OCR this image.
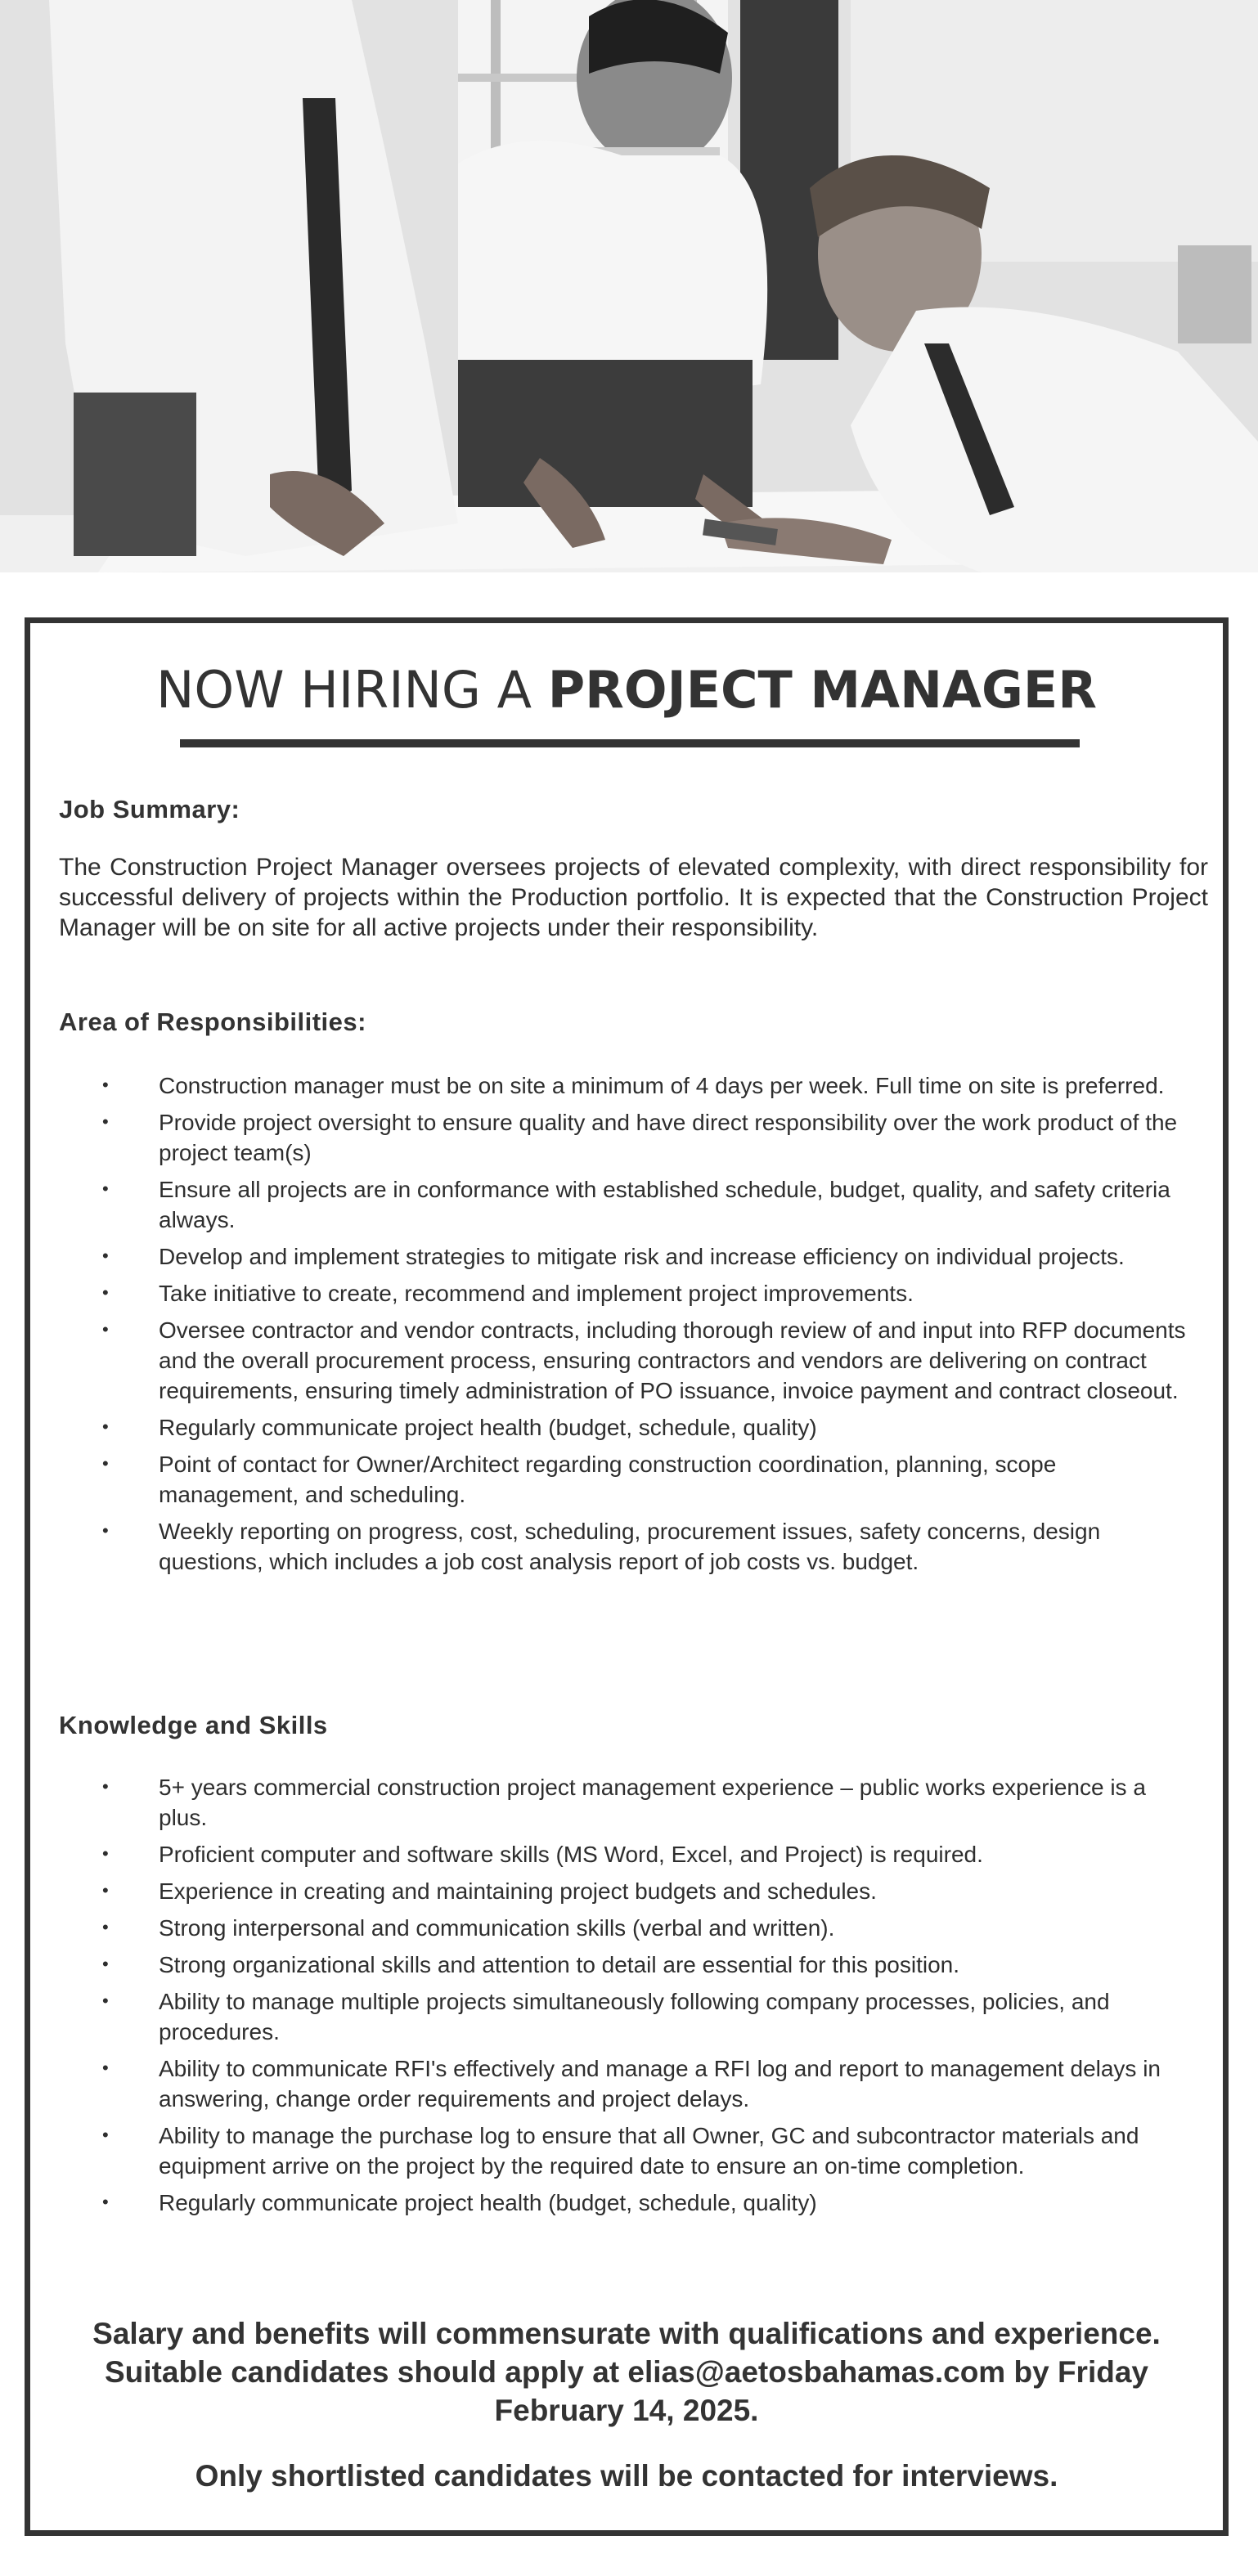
NOW HIRING A PROJECT MANAGER
Job Summary:

The Construction Project Manager oversees projects of elevated complexity, with direct responsibility for successful delivery of projects within the Production portfolio. It is expected that the Construction Project Manager will be on site for all active projects under their responsibility.

Area of Responsibilities:
• Construction manager must be on site a minimum of 4 days per week. Full time on site is preferred.
• Provide project oversight to ensure quality and have direct responsibility over the work product of the project team(s)
• Ensure all projects are in conformance with established schedule, budget, quality, and safety criteria always.
• Develop and implement strategies to mitigate risk and increase efficiency on individual projects.
• Take initiative to create, recommend and implement project improvements.
• Oversee contractor and vendor contracts, including thorough review of and input into RFP documents and the overall procurement process, ensuring contractors and vendors are delivering on contract requirements, ensuring timely administration of PO issuance, invoice payment and contract closeout.
• Regularly communicate project health (budget, schedule, quality)
• Point of contact for Owner/Architect regarding construction coordination, planning, scope management, and scheduling.
• Weekly reporting on progress, cost, scheduling, procurement issues, safety concerns, design questions, which includes a job cost analysis report of job costs vs. budget.
Knowledge and Skills
• 5+ years commercial construction project management experience – public works experience is a plus.
• Proficient computer and software skills (MS Word, Excel, and Project) is required.
• Experience in creating and maintaining project budgets and schedules.
• Strong interpersonal and communication skills (verbal and written).
• Strong organizational skills and attention to detail are essential for this position.
• Ability to manage multiple projects simultaneously following company processes, policies, and procedures.
• Ability to communicate RFI's effectively and manage a RFI log and report to management delays in answering, change order requirements and project delays.
• Ability to manage the purchase log to ensure that all Owner, GC and subcontractor materials and equipment arrive on the project by the required date to ensure an on-time completion.
• Regularly communicate project health (budget, schedule, quality)
Salary and benefits will commensurate with qualifications and experience. Suitable candidates should apply at elias@aetosbahamas.com by Friday February 14, 2025.
Only shortlisted candidates will be contacted for interviews.
